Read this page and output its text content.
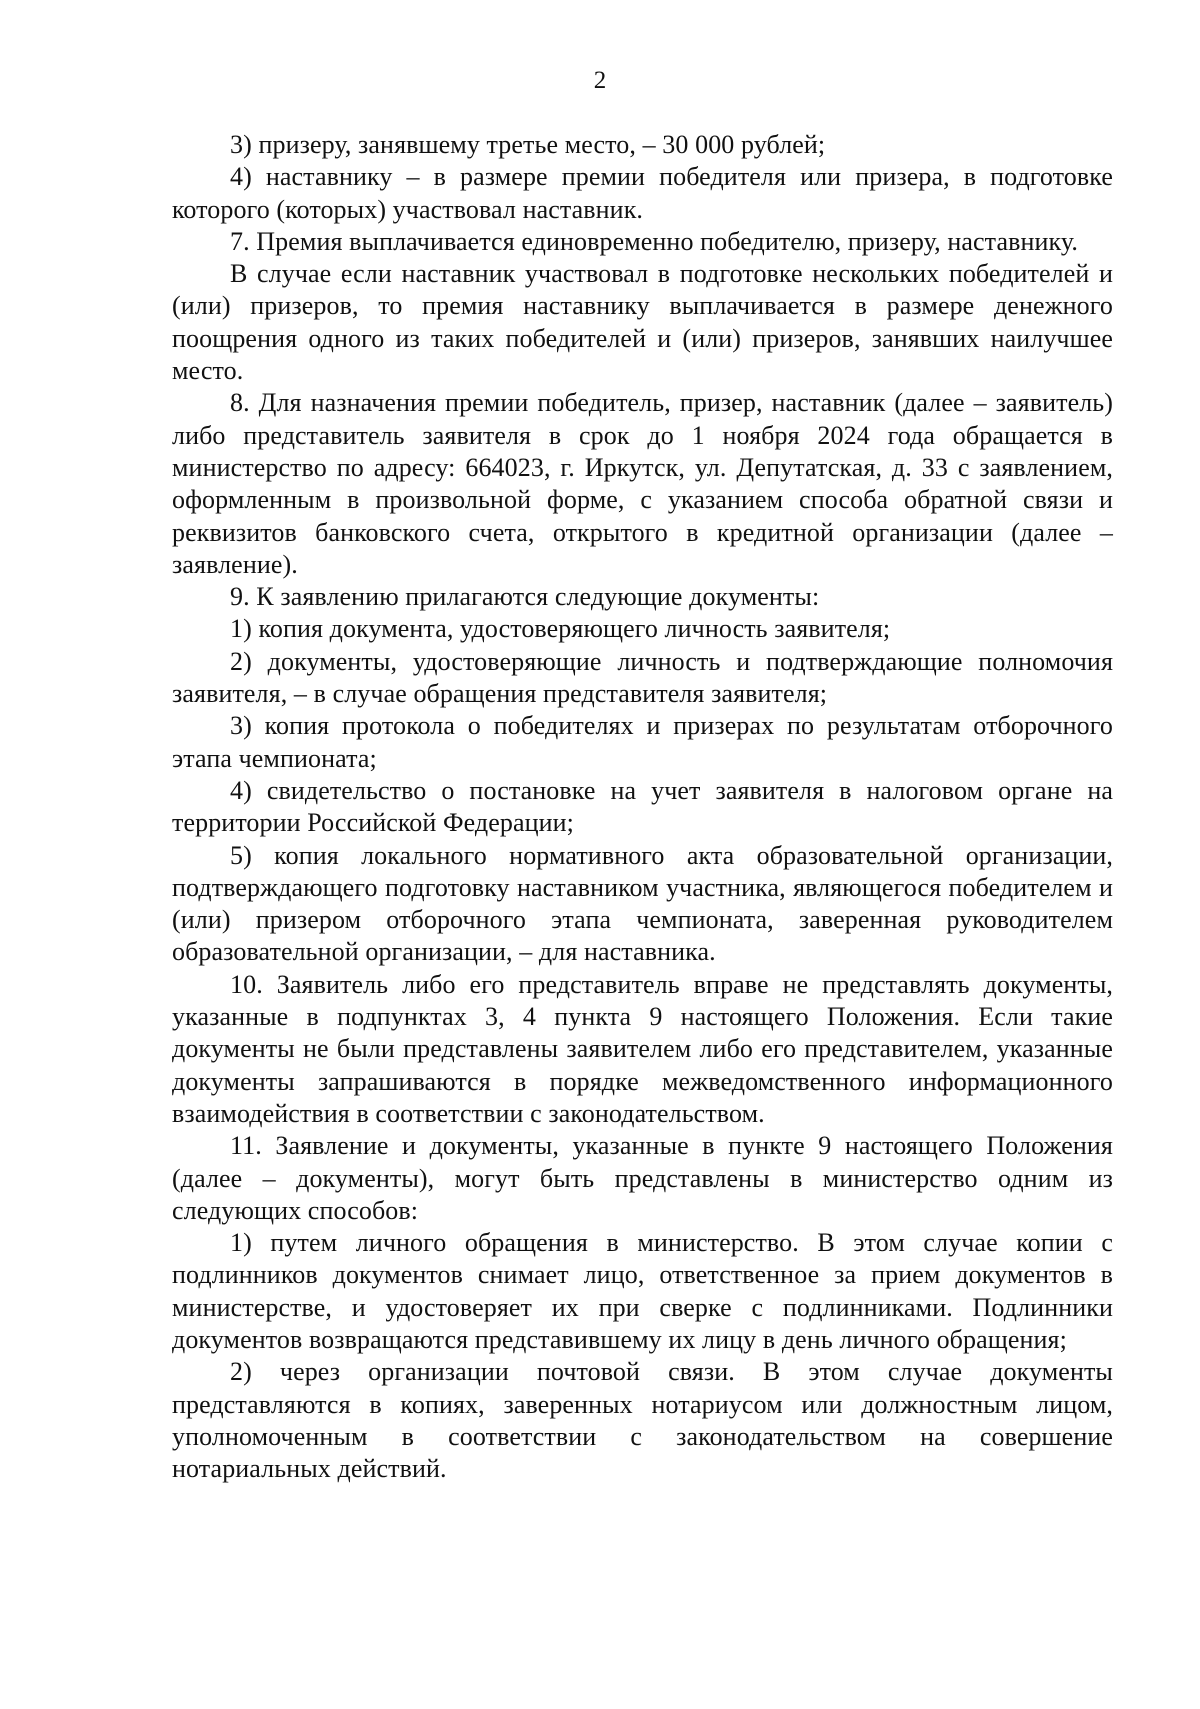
2

3) призеру, занявшему третье место, – 30 000 рублей;

4) наставнику – в размере премии победителя или призера, в подготовке которого (которых) участвовал наставник.

7. Премия выплачивается единовременно победителю, призеру, наставнику.

В случае если наставник участвовал в подготовке нескольких победителей и (или) призеров, то премия наставнику выплачивается в размере денежного поощрения одного из таких победителей и (или) призеров, занявших наилучшее место.

8. Для назначения премии победитель, призер, наставник (далее – заявитель) либо представитель заявителя в срок до 1 ноября 2024 года обращается в министерство по адресу: 664023, г. Иркутск, ул. Депутатская, д. 33 с заявлением, оформленным в произвольной форме, с указанием способа обратной связи и реквизитов банковского счета, открытого в кредитной организации (далее – заявление).

9. К заявлению прилагаются следующие документы:

1) копия документа, удостоверяющего личность заявителя;

2) документы, удостоверяющие личность и подтверждающие полномочия заявителя, – в случае обращения представителя заявителя;

3) копия протокола о победителях и призерах по результатам отборочного этапа чемпионата;

4) свидетельство о постановке на учет заявителя в налоговом органе на территории Российской Федерации;

5) копия локального нормативного акта образовательной организации, подтверждающего подготовку наставником участника, являющегося победителем и (или) призером отборочного этапа чемпионата, заверенная руководителем образовательной организации, – для наставника.

10. Заявитель либо его представитель вправе не представлять документы, указанные в подпунктах 3, 4 пункта 9 настоящего Положения. Если такие документы не были представлены заявителем либо его представителем, указанные документы запрашиваются в порядке межведомственного информационного взаимодействия в соответствии с законодательством.

11. Заявление и документы, указанные в пункте 9 настоящего Положения (далее – документы), могут быть представлены в министерство одним из следующих способов:

1) путем личного обращения в министерство. В этом случае копии с подлинников документов снимает лицо, ответственное за прием документов в министерстве, и удостоверяет их при сверке с подлинниками. Подлинники документов возвращаются представившему их лицу в день личного обращения;

2) через организации почтовой связи. В этом случае документы представляются в копиях, заверенных нотариусом или должностным лицом, уполномоченным в соответствии с законодательством на совершение нотариальных действий.
